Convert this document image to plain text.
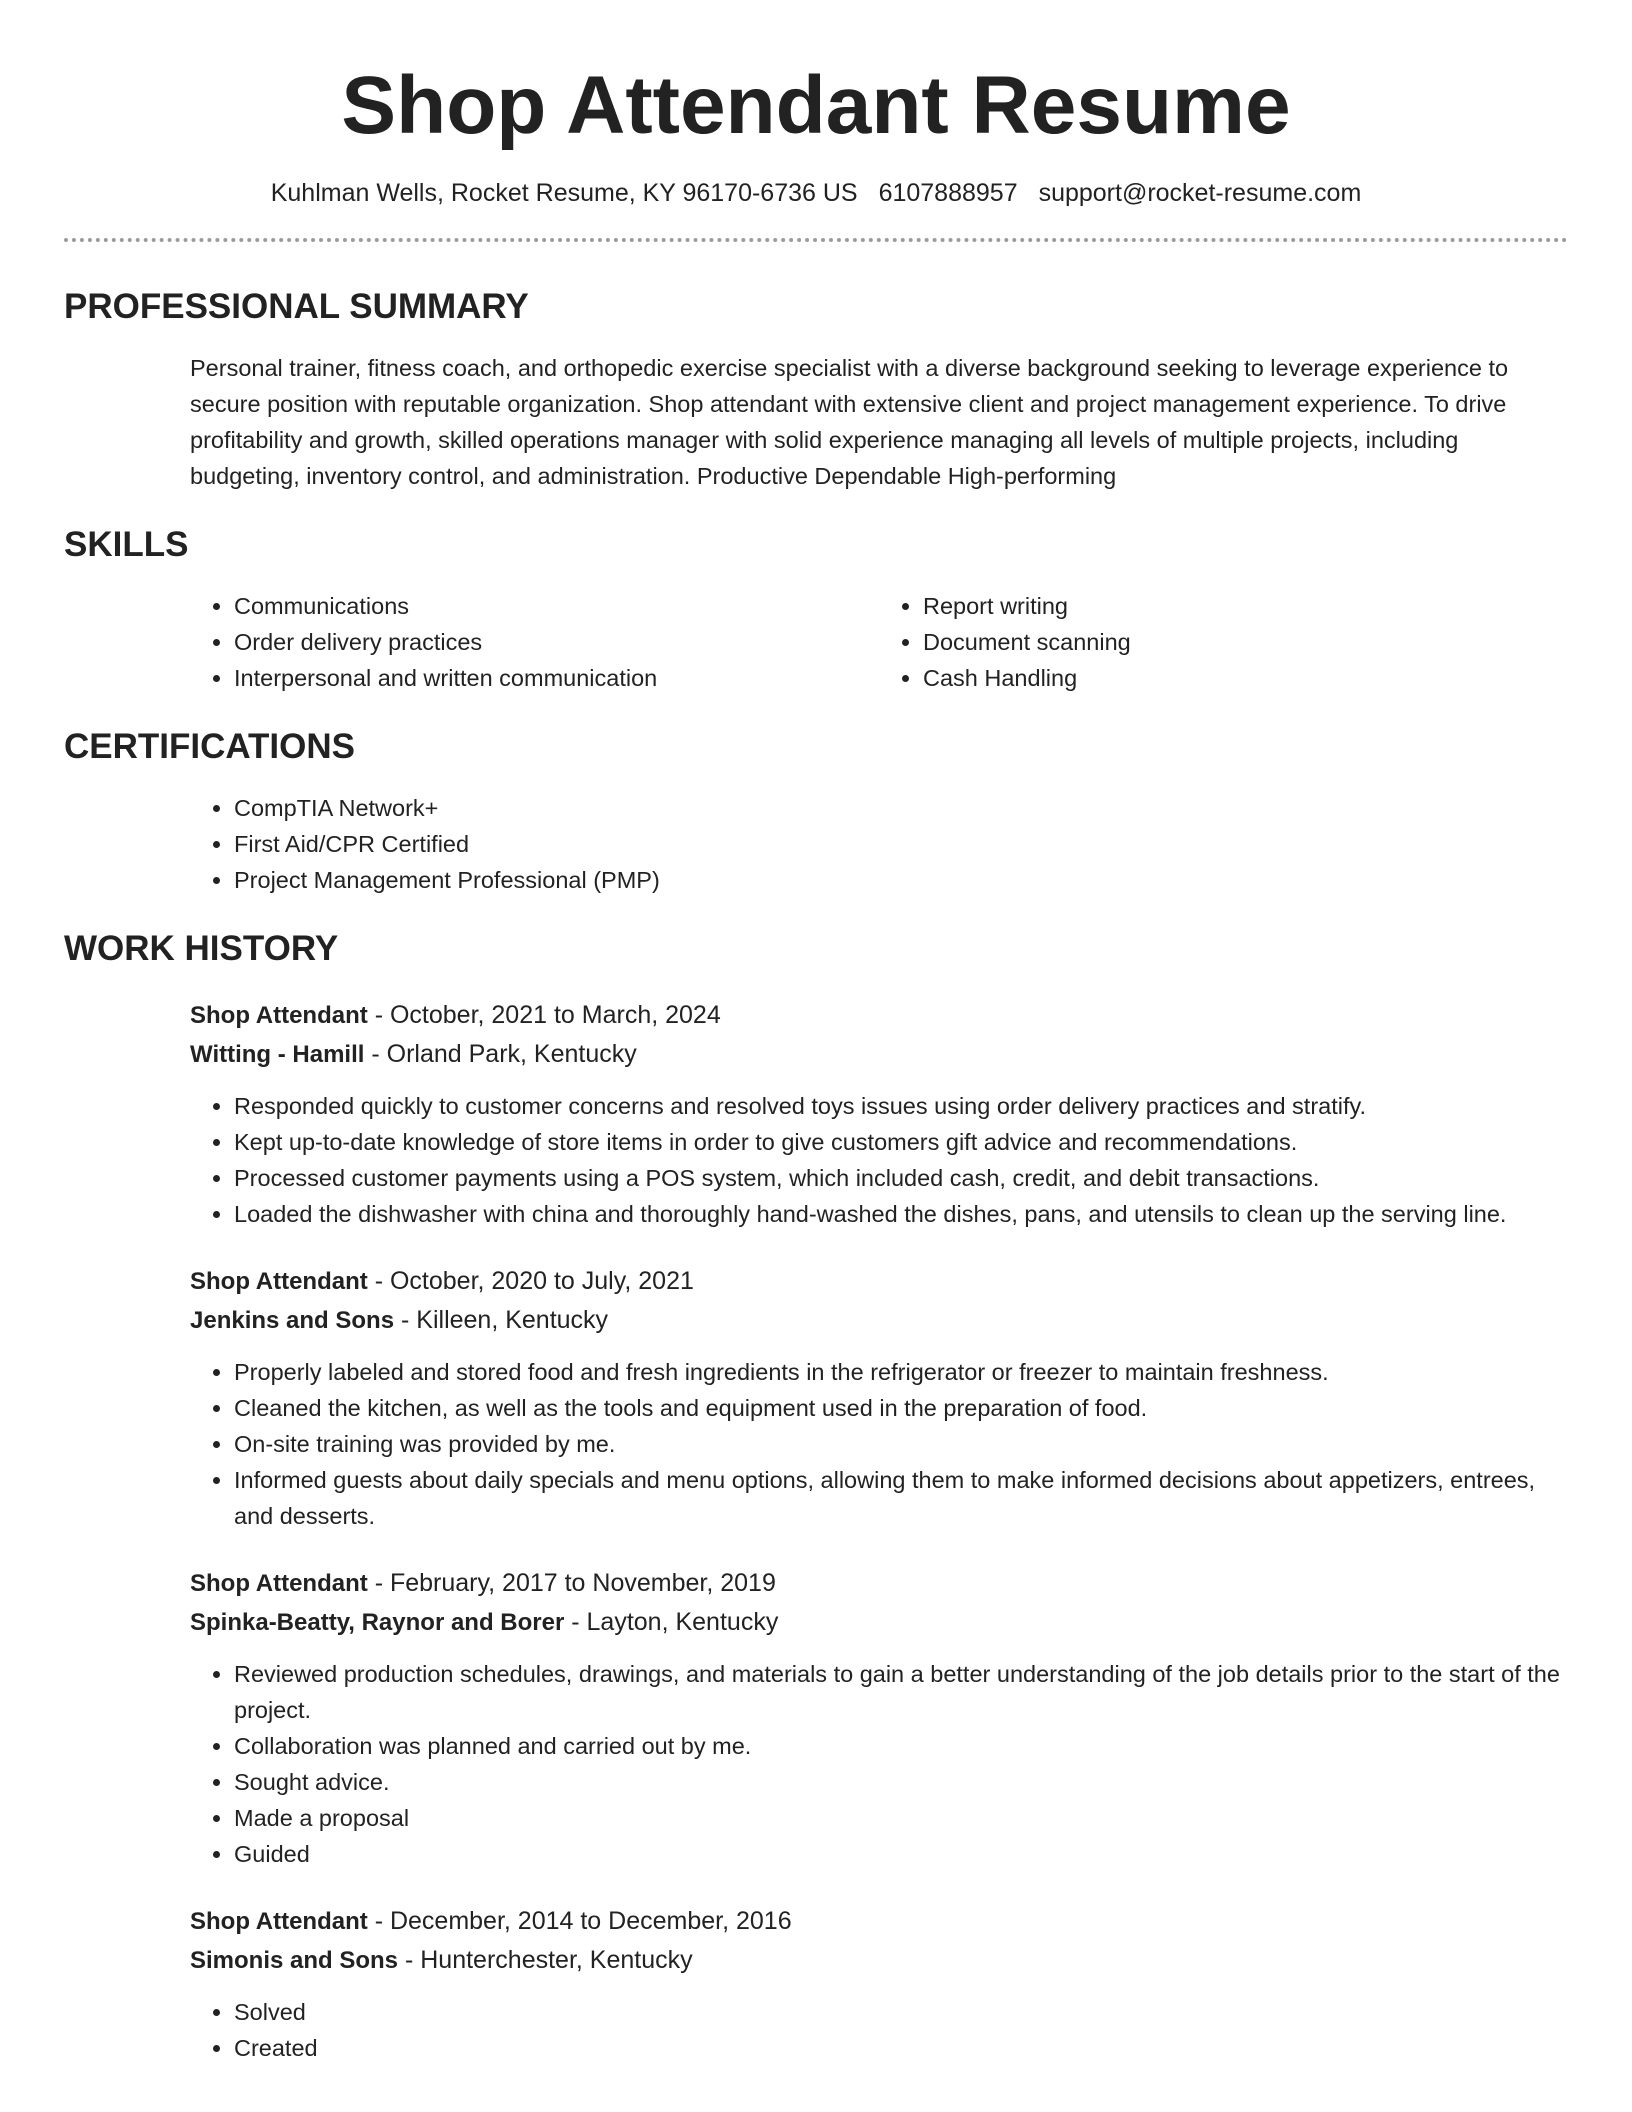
Shop Attendant Resume
Kuhlman Wells, Rocket Resume, KY 96170-6736 US 6107888957 support@rocket-resume.com
PROFESSIONAL SUMMARY

Personal trainer, fitness coach, and orthopedic exercise specialist with a diverse background seeking to leverage experience to secure position with reputable organization. Shop attendant with extensive client and project management experience. To drive profitability and growth, skilled operations manager with solid experience managing all levels of multiple projects, including budgeting, inventory control, and administration. Productive Dependable High-performing

SKILLS
• Communications
• Order delivery practices
• Interpersonal and written communication
• Report writing
• Document scanning
• Cash Handling
CERTIFICATIONS
• CompTIA Network+
• First Aid/CPR Certified
• Project Management Professional (PMP)
WORK HISTORY
Shop Attendant - October, 2021 to March, 2024
Witting - Hamill - Orland Park, Kentucky
• Responded quickly to customer concerns and resolved toys issues using order delivery practices and stratify.
• Kept up-to-date knowledge of store items in order to give customers gift advice and recommendations.
• Processed customer payments using a POS system, which included cash, credit, and debit transactions.
• Loaded the dishwasher with china and thoroughly hand-washed the dishes, pans, and utensils to clean up the serving line.
Shop Attendant - October, 2020 to July, 2021
Jenkins and Sons - Killeen, Kentucky
• Properly labeled and stored food and fresh ingredients in the refrigerator or freezer to maintain freshness.
• Cleaned the kitchen, as well as the tools and equipment used in the preparation of food.
• On-site training was provided by me.
• Informed guests about daily specials and menu options, allowing them to make informed decisions about appetizers, entrees, and desserts.
Shop Attendant - February, 2017 to November, 2019
Spinka-Beatty, Raynor and Borer - Layton, Kentucky
• Reviewed production schedules, drawings, and materials to gain a better understanding of the job details prior to the start of the project.
• Collaboration was planned and carried out by me.
• Sought advice.
• Made a proposal
• Guided
Shop Attendant - December, 2014 to December, 2016
Simonis and Sons - Hunterchester, Kentucky
• Solved
• Created
